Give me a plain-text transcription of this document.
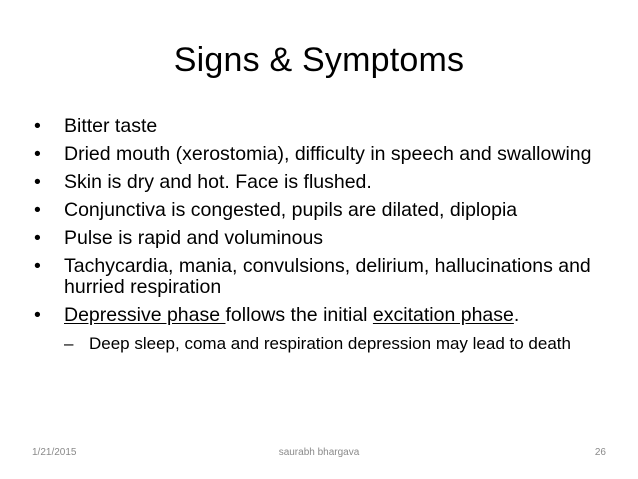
Signs & Symptoms
• Bitter taste
• Dried mouth (xerostomia), difficulty in speech and swallowing
• Skin is dry and hot. Face is flushed.
• Conjunctiva is congested, pupils are dilated, diplopia
• Pulse is rapid and voluminous
• Tachycardia, mania, convulsions, delirium, hallucinations and hurried respiration
• Depressive phase follows the initial excitation phase.
– Deep sleep, coma and respiration depression may lead to death
1/21/2015	saurabh bhargava	26
